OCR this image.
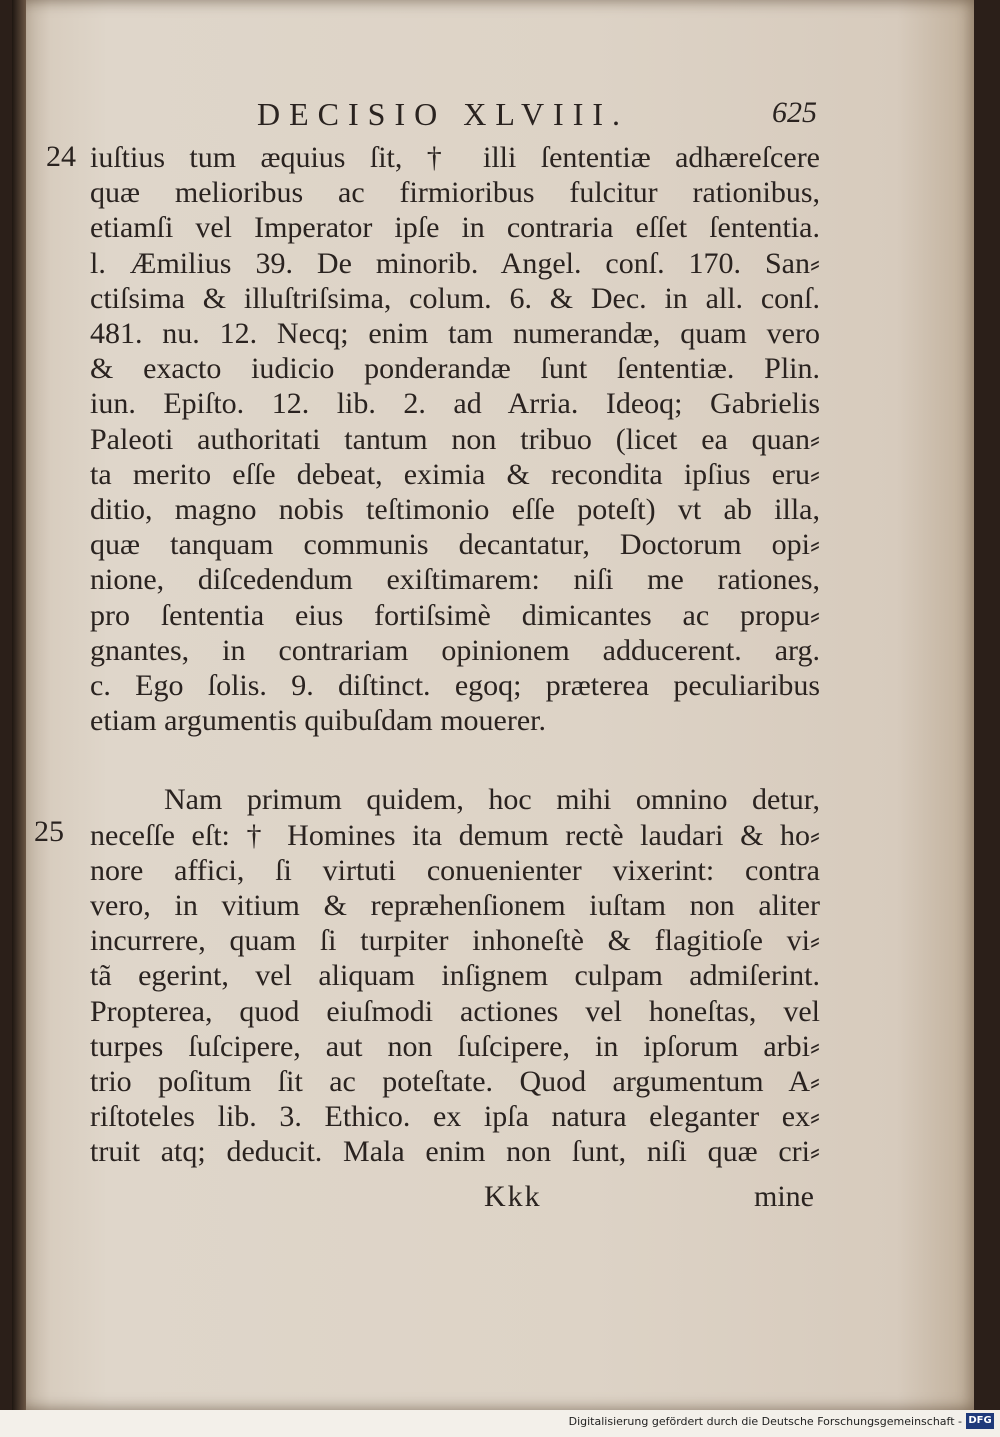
DECISIO XLVIII.	625
24
25
iuſtius tum æquius ſit, † illi ſententiæ adhæreſcere
quæ melioribus ac firmioribus fulcitur rationibus,
etiamſi vel Imperator ipſe in contraria eſſet ſententia.
l. Æmilius 39. De minorib. Angel. conſ. 170. San⸗
ctiſsima & illuſtriſsima, colum. 6. & Dec. in all. conſ.
481. nu. 12. Necq; enim tam numerandæ, quam vero
& exacto iudicio ponderandæ ſunt ſententiæ. Plin.
iun. Epiſto. 12. lib. 2. ad Arria. Ideoq; Gabrielis
Paleoti authoritati tantum non tribuo (licet ea quan⸗
ta merito eſſe debeat, eximia & recondita ipſius eru⸗
ditio, magno nobis teſtimonio eſſe poteſt) vt ab illa,
quæ tanquam communis decantatur, Doctorum opi⸗
nione, diſcedendum exiſtimarem: niſi me rationes,
pro ſententia eius fortiſsimè dimicantes ac propu⸗
gnantes, in contrariam opinionem adducerent. arg.
c. Ego ſolis. 9. diſtinct. egoq; præterea peculiaribus
etiam argumentis quibuſdam mouerer.
Nam primum quidem, hoc mihi omnino detur,
neceſſe eſt: † Homines ita demum rectè laudari & ho⸗
nore affici, ſi virtuti conuenienter vixerint: contra
vero, in vitium & repræhenſionem iuſtam non aliter
incurrere, quam ſi turpiter inhoneſtè & flagitioſe vi⸗
tã egerint, vel aliquam inſignem culpam admiſerint.
Propterea, quod eiuſmodi actiones vel honeſtas, vel
turpes ſuſcipere, aut non ſuſcipere, in ipſorum arbi⸗
trio poſitum ſit ac poteſtate. Quod argumentum A⸗
riſtoteles lib. 3. Ethico. ex ipſa natura eleganter ex⸗
truit atq; deducit. Mala enim non ſunt, niſi quæ cri⸗
Kkk	mine
Digitalisierung gefördert durch die Deutsche Forschungsgemeinschaft - DFG
